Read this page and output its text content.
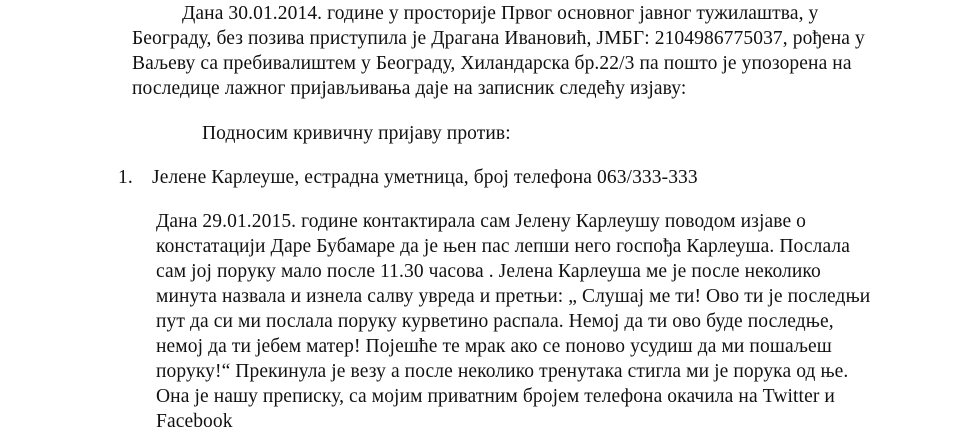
Дана 30.01.2014. године у просторије Првог основног јавног тужилаштва, у
Београду, без позива приступила је Драгана Ивановић, ЈМБГ: 2104986775037, рођена у
Ваљеву са пребивалиштем у Београду, Хиландарска бр.22/3 па пошто је упозорена на
последице лажног пријављивања даје на записник следећу изјаву:
Подносим кривичну пријаву против:
1. Јелене Карлеуше, естрадна уметница, број телефона 063/333-333
Дана 29.01.2015. године контактирала сам Јелену Карлеушу поводом изјаве о
констатацији Даре Бубамаре да је њен пас лепши него госпођа Карлеуша. Послала
сам јој поруку мало после 11.30 часова . Јелена Карлеуша ме је после неколико
минута назвала и изнела салву увреда и претњи: „ Слушај ме ти! Ово ти је последњи
пут да си ми послала поруку курветино распала. Немој да ти ово буде последње,
немој да ти јебем матер! Појешће те мрак ако се поново усудиш да ми пошаљеш
поруку!“ Прекинула је везу а после неколико тренутака стигла ми је порука од ње.
Она је нашу преписку, са мојим приватним бројем телефона окачила на Twitter и
Facebook
